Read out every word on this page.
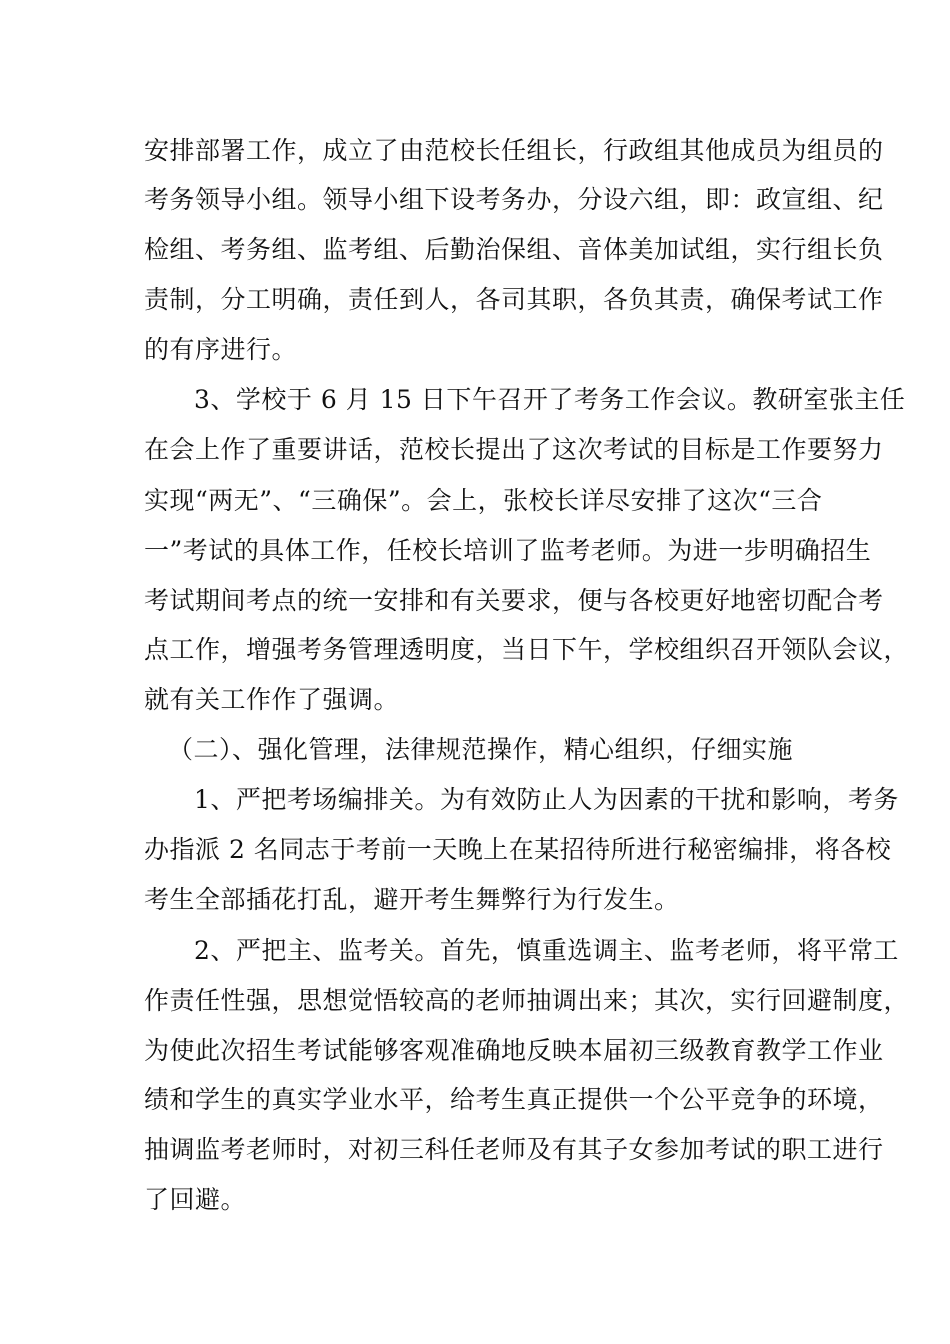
安排部署工作，成立了由范校长任组长，行政组其他成员为组员的
考务领导小组。领导小组下设考务办，分设六组，即：政宣组、纪
检组、考务组、监考组、后勤治保组、音体美加试组，实行组长负
责制，分工明确，责任到人，各司其职，各负其责，确保考试工作
的有序进行。
3、学校于 6 月 15 日下午召开了考务工作会议。教研室张主任
在会上作了重要讲话，范校长提出了这次考试的目标是工作要努力
实现“两无”、“三确保”。会上，张校长详尽安排了这次“三合
一”考试的具体工作，任校长培训了监考老师。为进一步明确招生
考试期间考点的统一安排和有关要求，便与各校更好地密切配合考
点工作，增强考务管理透明度，当日下午，学校组织召开领队会议，
就有关工作作了强调。
（二）、强化管理，法律规范操作，精心组织，仔细实施
1、严把考场编排关。为有效防止人为因素的干扰和影响，考务
办指派 2 名同志于考前一天晚上在某招待所进行秘密编排，将各校
考生全部插花打乱，避开考生舞弊行为行发生。
2、严把主、监考关。首先，慎重选调主、监考老师，将平常工
作责任性强，思想觉悟较高的老师抽调出来；其次，实行回避制度，
为使此次招生考试能够客观准确地反映本届初三级教育教学工作业
绩和学生的真实学业水平，给考生真正提供一个公平竞争的环境，
抽调监考老师时，对初三科任老师及有其子女参加考试的职工进行
了回避。
